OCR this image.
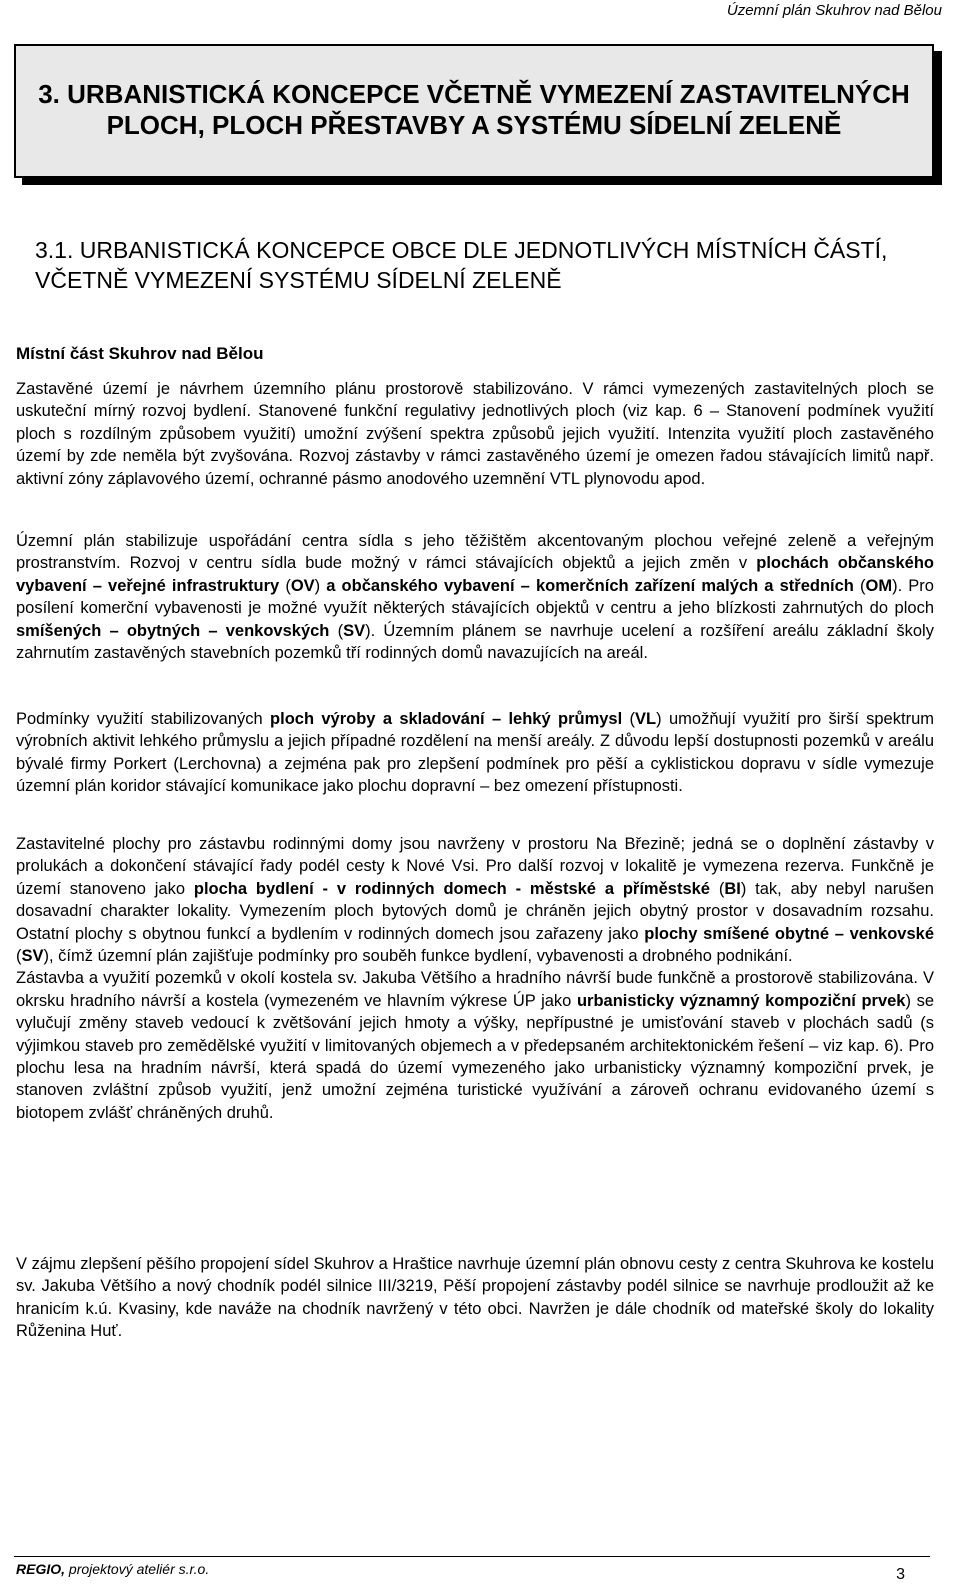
Územní plán Skuhrov nad Bělou
3. URBANISTICKÁ KONCEPCE VČETNĚ VYMEZENÍ ZASTAVITELNÝCH PLOCH, PLOCH PŘESTAVBY A SYSTÉMU SÍDELNÍ ZELENĚ
3.1. URBANISTICKÁ KONCEPCE OBCE DLE JEDNOTLIVÝCH MÍSTNÍCH ČÁSTÍ, VČETNĚ VYMEZENÍ SYSTÉMU SÍDELNÍ ZELENĚ
Místní část Skuhrov nad Bělou

Zastavěné území je návrhem územního plánu prostorově stabilizováno. V rámci vymezených zastavitelných ploch se uskuteční mírný rozvoj bydlení. Stanovené funkční regulativy jednotlivých ploch (viz kap. 6 – Stanovení podmínek využití ploch s rozdílným způsobem využití) umožní zvýšení spektra způsobů jejich využití. Intenzita využití ploch zastavěného území by zde neměla být zvyšována. Rozvoj zástavby v rámci zastavěného území je omezen řadou stávajících limitů např. aktivní zóny záplavového území, ochranné pásmo anodového uzemnění VTL plynovodu apod.

Územní plán stabilizuje uspořádání centra sídla s jeho těžištěm akcentovaným plochou veřejné zeleně a veřejným prostranstvím. Rozvoj v centru sídla bude možný v rámci stávajících objektů a jejich změn v plochách občanského vybavení – veřejné infrastruktury (OV) a občanského vybavení – komerčních zařízení malých a středních (OM). Pro posílení komerční vybavenosti je možné využít některých stávajících objektů v centru a jeho blízkosti zahrnutých do ploch smíšených – obytných – venkovských (SV). Územním plánem se navrhuje ucelení a rozšíření areálu základní školy zahrnutím zastavěných stavebních pozemků tří rodinných domů navazujících na areál.

Podmínky využití stabilizovaných ploch výroby a skladování – lehký průmysl (VL) umožňují využití pro širší spektrum výrobních aktivit lehkého průmyslu a jejich případné rozdělení na menší areály. Z důvodu lepší dostupnosti pozemků v areálu bývalé firmy Porkert (Lerchovna) a zejména pak pro zlepšení podmínek pro pěší a cyklistickou dopravu v sídle vymezuje územní plán koridor stávající komunikace jako plochu dopravní – bez omezení přístupnosti.

Zastavitelné plochy pro zástavbu rodinnými domy jsou navrženy v prostoru Na Březině; jedná se o doplnění zástavby v prolukách a dokončení stávající řady podél cesty k Nové Vsi. Pro další rozvoj v lokalitě je vymezena rezerva. Funkčně je území stanoveno jako plocha bydlení - v rodinných domech - městské a příměstské (BI) tak, aby nebyl narušen dosavadní charakter lokality. Vymezením ploch bytových domů je chráněn jejich obytný prostor v dosavadním rozsahu. Ostatní plochy s obytnou funkcí a bydlením v rodinných domech jsou zařazeny jako plochy smíšené obytné – venkovské (SV), čímž územní plán zajišťuje podmínky pro souběh funkce bydlení, vybavenosti a drobného podnikání.

Zástavba a využití pozemků v okolí kostela sv. Jakuba Většího a hradního návrší bude funkčně a prostorově stabilizována. V okrsku hradního návrší a kostela (vymezeném ve hlavním výkrese ÚP jako urbanisticky významný kompoziční prvek) se vylučují změny staveb vedoucí k zvětšování jejich hmoty a výšky, nepřípustné je umisťování staveb v plochách sadů (s výjimkou staveb pro zemědělské využití v limitovaných objemech a v předepsaném architektonickém řešení – viz kap. 6). Pro plochu lesa na hradním návrší, která spadá do území vymezeného jako urbanisticky významný kompoziční prvek, je stanoven zvláštní způsob využití, jenž umožní zejména turistické využívání a zároveň ochranu evidovaného území s biotopem zvlášť chráněných druhů.

V zájmu zlepšení pěšího propojení sídel Skuhrov a Hraštice navrhuje územní plán obnovu cesty z centra Skuhrova ke kostelu sv. Jakuba Většího a nový chodník podél silnice III/3219, Pěší propojení zástavby podél silnice se navrhuje prodloužit až ke hranicím k.ú. Kvasiny, kde naváže na chodník navržený v této obci. Navržen je dále chodník od mateřské školy do lokality Růženina Huť.

REGIO, projektový ateliér s.r.o.	3
